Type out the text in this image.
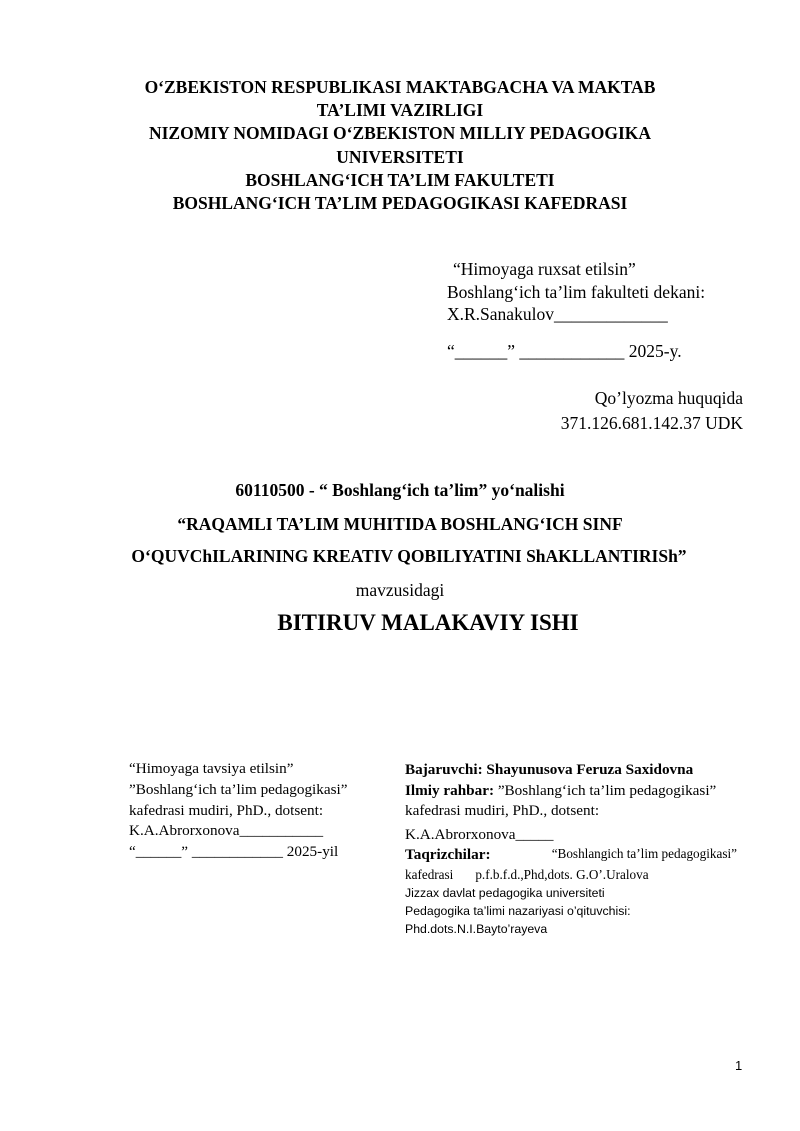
O‘ZBEKISTON RESPUBLIKASI MAKTABGACHA VA MAKTAB
TA’LIMI VAZIRLIGI
NIZOMIY NOMIDAGI O‘ZBEKISTON MILLIY PEDAGOGIKA
UNIVERSITETI
BOSHLANG‘ICH TA’LIM FAKULTETI
BOSHLANG‘ICH TA’LIM PEDAGOGIKASI KAFEDRASI
“Himoyaga ruxsat etilsin”
Boshlang‘ich ta’lim fakulteti dekani:
X.R.Sanakulov_____________
“______” ____________ 2025-y.
Qo’lyozma huquqida
371.126.681.142.37 UDK
60110500 - “ Boshlang‘ich ta’lim” yo‘nalishi
“RAQAMLI TA’LIM MUHITIDA BOSHLANG‘ICH SINF
O‘QUVChILARINING KREATIV QOBILIYATINI ShAKLLANTIRISh”
mavzusidagi
BITIRUV MALAKAVIY ISHI
“Himoyaga tavsiya etilsin”
”Boshlang‘ich ta’lim pedagogikasi”
kafedrasi mudiri, PhD., dotsent:
K.A.Abrorxonova___________
“______” ____________ 2025-yil
Bajaruvchi: Shayunusova Feruza Saxidovna
Ilmiy rahbar: ”Boshlang‘ich ta’lim pedagogikasi”
kafedrasi mudiri, PhD., dotsent:
K.A.Abrorxonova_____
Taqrizchilar:	“Boshlangich ta’lim pedagogikasi”
kafedrasi p.f.b.f.d.,Phd,dots. G.O’.Uralova
Jizzax davlat pedagogika universiteti
Pedagogika ta’limi nazariyasi o’qituvchisi:
Phd.dots.N.I.Bayto’rayeva
1
